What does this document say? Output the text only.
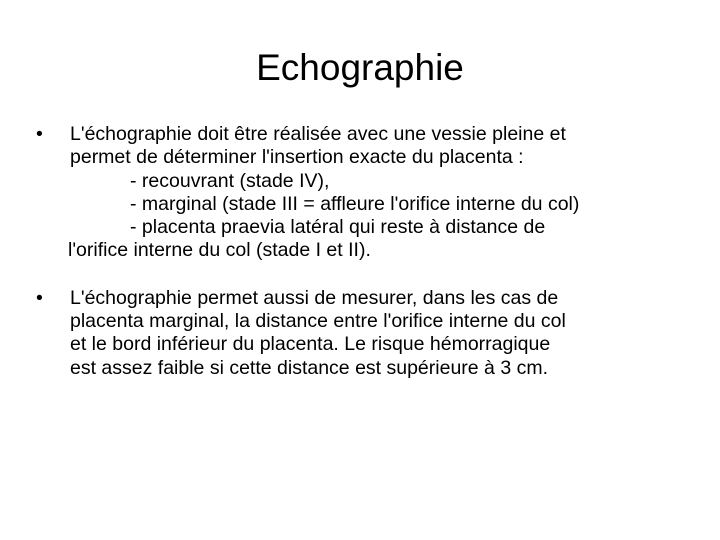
Echographie
•	L'échographie doit être réalisée avec une vessie pleine et
permet de déterminer l'insertion exacte du placenta :
- recouvrant (stade IV),
- marginal (stade III = affleure l'orifice interne du col)
- placenta praevia latéral qui reste à distance de
l'orifice interne du col (stade I et II).
•	L'échographie permet aussi de mesurer, dans les cas de
placenta marginal, la distance entre l'orifice interne du col
et le bord inférieur du placenta. Le risque hémorragique
est assez faible si cette distance est supérieure à 3 cm.
